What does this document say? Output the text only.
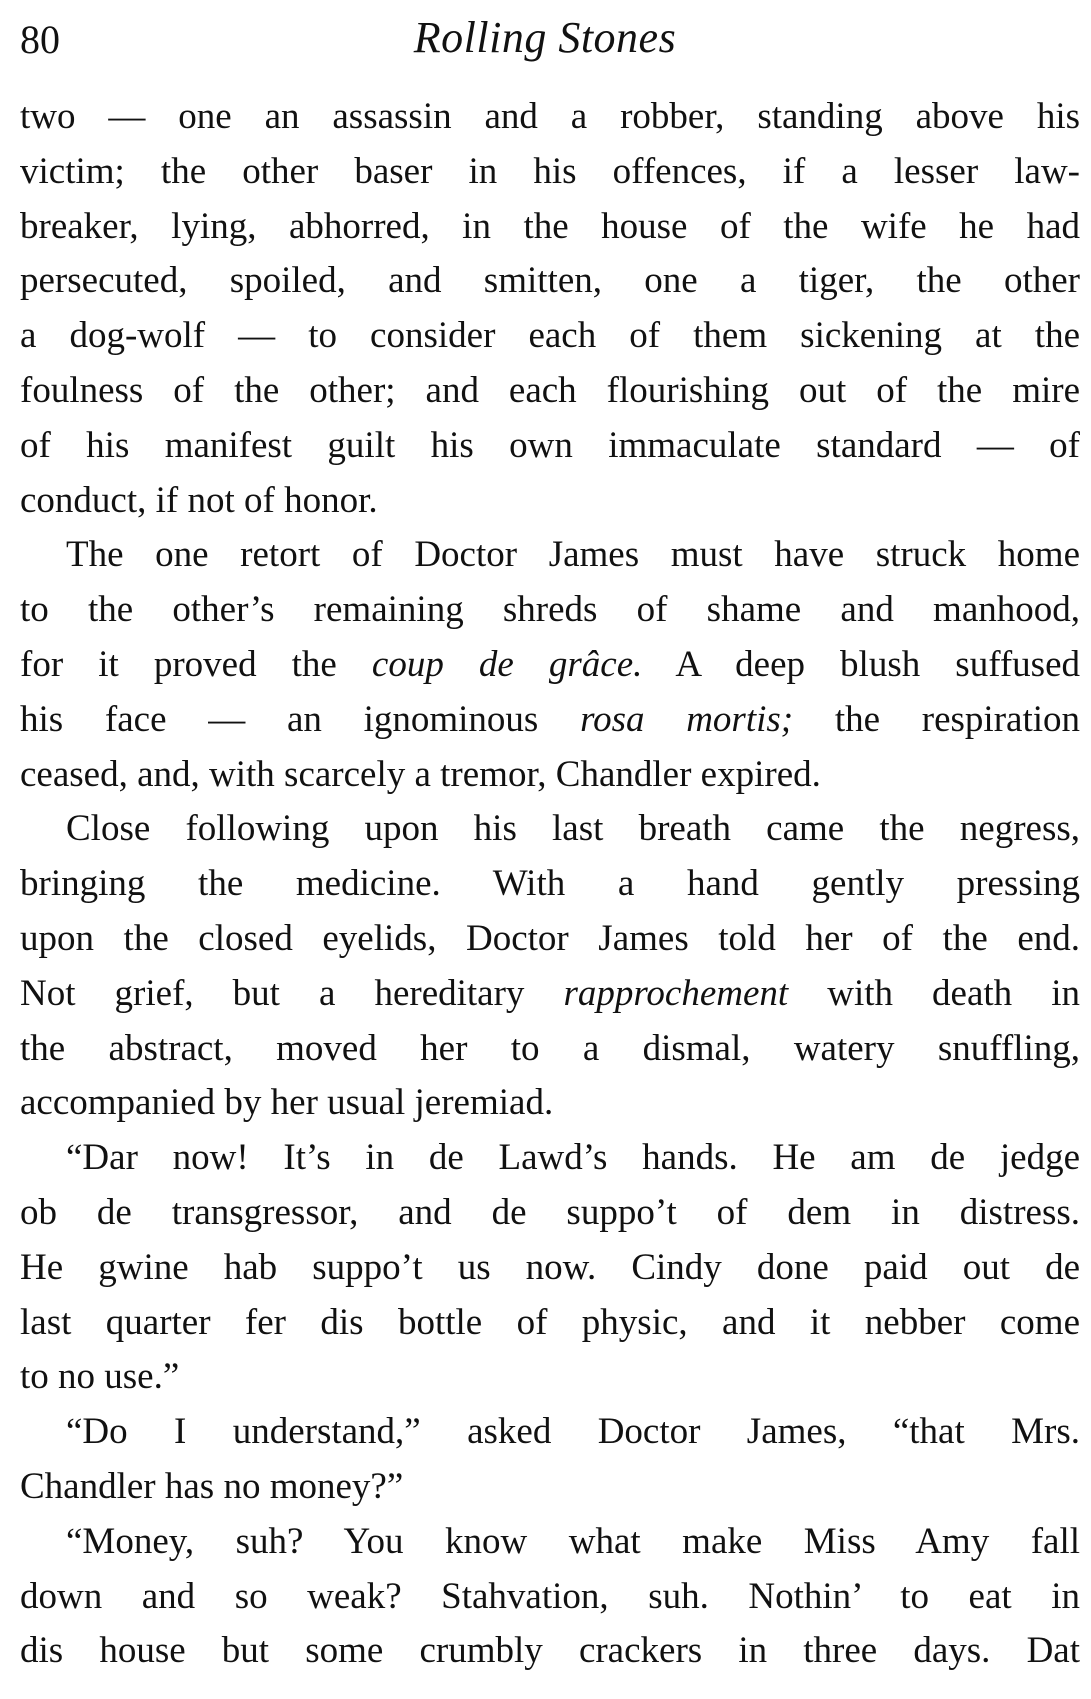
80	Rolling Stones
two — one an assassin and a robber, standing above his
victim; the other baser in his offences, if a lesser law-
breaker, lying, abhorred, in the house of the wife he had
persecuted, spoiled, and smitten, one a tiger, the other
a dog-wolf — to consider each of them sickening at the
foulness of the other; and each flourishing out of the mire
of his manifest guilt his own immaculate standard — of
conduct, if not of honor.
The one retort of Doctor James must have struck home
to the other’s remaining shreds of shame and manhood,
for it proved the coup de grâce. A deep blush suffused
his face — an ignominous rosa mortis; the respiration
ceased, and, with scarcely a tremor, Chandler expired.
Close following upon his last breath came the negress,
bringing the medicine. With a hand gently pressing
upon the closed eyelids, Doctor James told her of the end.
Not grief, but a hereditary rapprochement with death in
the abstract, moved her to a dismal, watery snuffling,
accompanied by her usual jeremiad.
“Dar now! It’s in de Lawd’s hands. He am de jedge
ob de transgressor, and de suppo’t of dem in distress.
He gwine hab suppo’t us now. Cindy done paid out de
last quarter fer dis bottle of physic, and it nebber come
to no use.”
“Do I understand,” asked Doctor James, “that Mrs.
Chandler has no money?”
“Money, suh? You know what make Miss Amy fall
down and so weak? Stahvation, suh. Nothin’ to eat in
dis house but some crumbly crackers in three days. Dat
